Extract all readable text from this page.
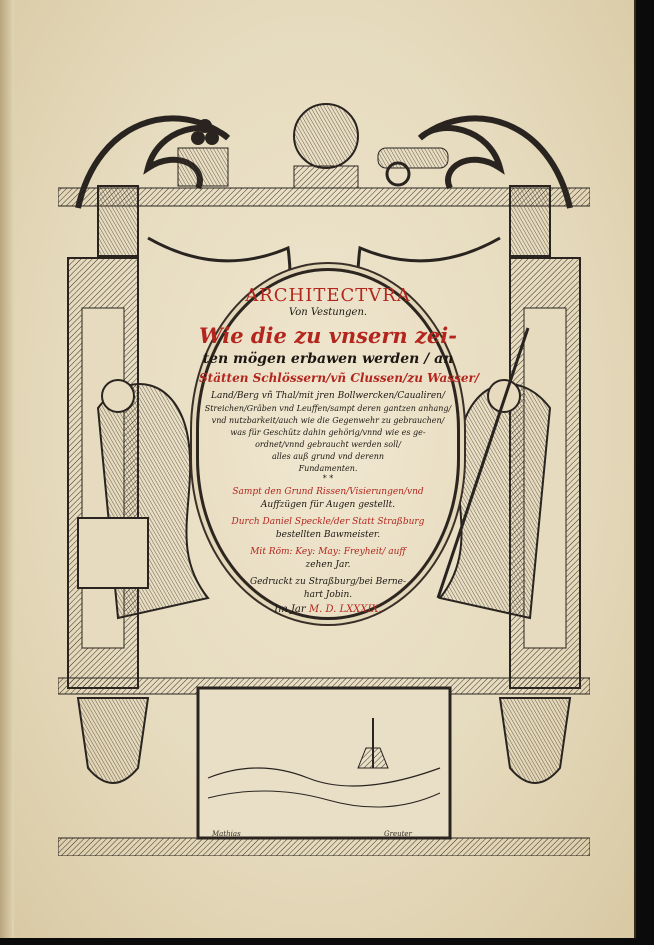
ARCHITECTVRA
Von Vestungen.
Wie die zu vnsern zei-
ten mögen erbawen werden / an
Stätten Schlössern/vñ Clussen/zu Wasser/
Land/Berg vñ Thal/mit jren Bollwercken/Caualiren/
Streichen/Gräben vnd Leuffen/sampt deren gantzen anhang/
vnd nutzbarkeit/auch wie die Gegenwehr zu gebrauchen/
was für Geschütz dahin gehörig/vnnd wie es ge-
ordnet/vnnd gebraucht werden soll/
alles auß grund vnd derenn
Fundamenten.
* *
Sampt den Grund Rissen/Visierungen/vnd
Auffzügen für Augen gestellt.
Durch Daniel Speckle/der Statt Straßburg
bestellten Bawmeister.
Mit Röm: Key: May: Freyheit/ auff
zehen Jar.
Gedruckt zu Straßburg/bei Berne-
hart Jobin.
Im Jar M. D. LXXXIX.
Mathias	Greuter
